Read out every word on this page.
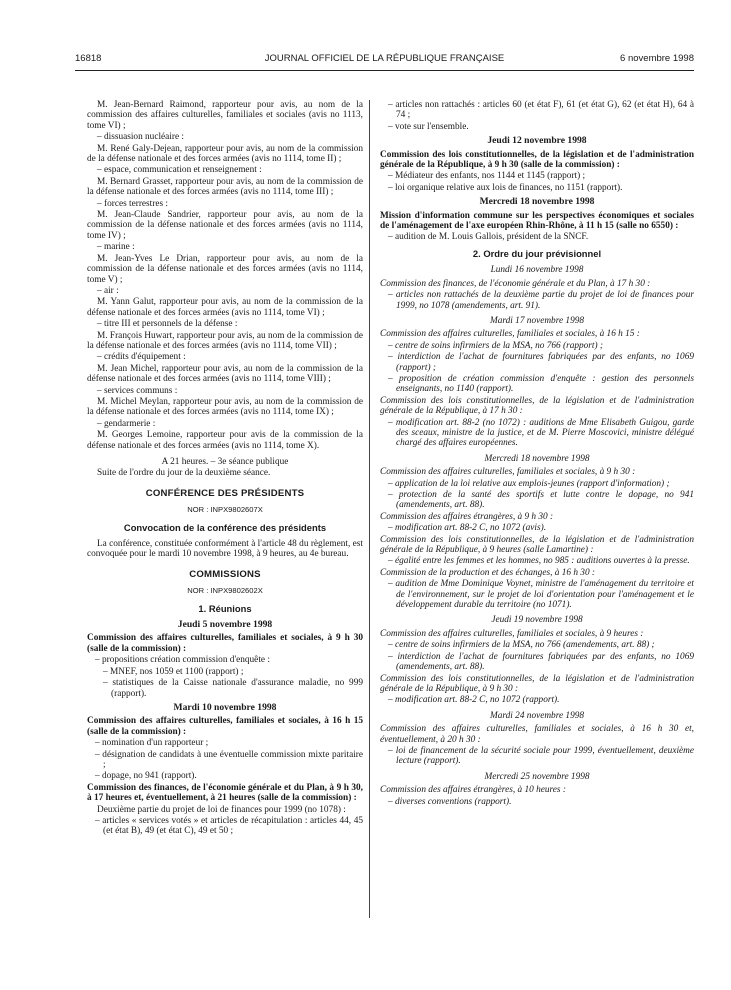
16818	JOURNAL OFFICIEL DE LA RÉPUBLIQUE FRANÇAISE	6 novembre 1998

M. Jean-Bernard Raimond, rapporteur pour avis, au nom de la commission des affaires culturelles, familiales et sociales (avis no 1113, tome VI) ;

– dissuasion nucléaire :

M. René Galy-Dejean, rapporteur pour avis, au nom de la commission de la défense nationale et des forces armées (avis no 1114, tome II) ;

– espace, communication et renseignement :

M. Bernard Grasset, rapporteur pour avis, au nom de la commission de la défense nationale et des forces armées (avis no 1114, tome III) ;

– forces terrestres :

M. Jean-Claude Sandrier, rapporteur pour avis, au nom de la commission de la défense nationale et des forces armées (avis no 1114, tome IV) ;

– marine :

M. Jean-Yves Le Drian, rapporteur pour avis, au nom de la commission de la défense nationale et des forces armées (avis no 1114, tome V) ;

– air :

M. Yann Galut, rapporteur pour avis, au nom de la commission de la défense nationale et des forces armées (avis no 1114, tome VI) ;

– titre III et personnels de la défense :

M. François Huwart, rapporteur pour avis, au nom de la commission de la défense nationale et des forces armées (avis no 1114, tome VII) ;

– crédits d'équipement :

M. Jean Michel, rapporteur pour avis, au nom de la commission de la défense nationale et des forces armées (avis no 1114, tome VIII) ;

– services communs :

M. Michel Meylan, rapporteur pour avis, au nom de la commission de la défense nationale et des forces armées (avis no 1114, tome IX) ;

– gendarmerie :

M. Georges Lemoine, rapporteur pour avis de la commission de la défense nationale et des forces armées (avis no 1114, tome X).

A 21 heures. – 3e séance publique

Suite de l'ordre du jour de la deuxième séance.

CONFÉRENCE DES PRÉSIDENTS
NOR : INPX9802607X
Convocation de la conférence des présidents

La conférence, constituée conformément à l'article 48 du règlement, est convoquée pour le mardi 10 novembre 1998, à 9 heures, au 4e bureau.

COMMISSIONS
NOR : INPX9802602X
1. Réunions

Jeudi 5 novembre 1998

Commission des affaires culturelles, familiales et sociales, à 9 h 30 (salle de la commission) :

– propositions création commission d'enquête :

– MNEF, nos 1059 et 1100 (rapport) ;

– statistiques de la Caisse nationale d'assurance maladie, no 999 (rapport).

Mardi 10 novembre 1998

Commission des affaires culturelles, familiales et sociales, à 16 h 15 (salle de la commission) :

– nomination d'un rapporteur ;

– désignation de candidats à une éventuelle commission mixte paritaire ;

– dopage, no 941 (rapport).

Commission des finances, de l'économie générale et du Plan, à 9 h 30, à 17 heures et, éventuellement, à 21 heures (salle de la commission) :

Deuxième partie du projet de loi de finances pour 1999 (no 1078) :

– articles « services votés » et articles de récapitulation : articles 44, 45 (et état B), 49 (et état C), 49 et 50 ;

– articles non rattachés : articles 60 (et état F), 61 (et état G), 62 (et état H), 64 à 74 ;

– vote sur l'ensemble.

Jeudi 12 novembre 1998

Commission des lois constitutionnelles, de la législation et de l'administration générale de la République, à 9 h 30 (salle de la commission) :

– Médiateur des enfants, nos 1144 et 1145 (rapport) ;

– loi organique relative aux lois de finances, no 1151 (rapport).

Mercredi 18 novembre 1998

Mission d'information commune sur les perspectives économiques et sociales de l'aménagement de l'axe européen Rhin-Rhône, à 11 h 15 (salle no 6550) :

– audition de M. Louis Gallois, président de la SNCF.

2. Ordre du jour prévisionnel

Lundi 16 novembre 1998

Commission des finances, de l'économie générale et du Plan, à 17 h 30 :

– articles non rattachés de la deuxième partie du projet de loi de finances pour 1999, no 1078 (amendements, art. 91).

Mardi 17 novembre 1998

Commission des affaires culturelles, familiales et sociales, à 16 h 15 :

– centre de soins infirmiers de la MSA, no 766 (rapport) ;

– interdiction de l'achat de fournitures fabriquées par des enfants, no 1069 (rapport) ;

– proposition de création commission d'enquête : gestion des personnels enseignants, no 1140 (rapport).

Commission des lois constitutionnelles, de la législation et de l'administration générale de la République, à 17 h 30 :

– modification art. 88-2 (no 1072) : auditions de Mme Elisabeth Guigou, garde des sceaux, ministre de la justice, et de M. Pierre Moscovici, ministre délégué chargé des affaires européennes.

Mercredi 18 novembre 1998

Commission des affaires culturelles, familiales et sociales, à 9 h 30 :

– application de la loi relative aux emplois-jeunes (rapport d'information) ;

– protection de la santé des sportifs et lutte contre le dopage, no 941 (amendements, art. 88).

Commission des affaires étrangères, à 9 h 30 :

– modification art. 88-2 C, no 1072 (avis).

Commission des lois constitutionnelles, de la législation et de l'administration générale de la République, à 9 heures (salle Lamartine) :

– égalité entre les femmes et les hommes, no 985 : auditions ouvertes à la presse.

Commission de la production et des échanges, à 16 h 30 :

– audition de Mme Dominique Voynet, ministre de l'aménagement du territoire et de l'environnement, sur le projet de loi d'orientation pour l'aménagement et le développement durable du territoire (no 1071).

Jeudi 19 novembre 1998

Commission des affaires culturelles, familiales et sociales, à 9 heures :

– centre de soins infirmiers de la MSA, no 766 (amendements, art. 88) ;

– interdiction de l'achat de fournitures fabriquées par des enfants, no 1069 (amendements, art. 88).

Commission des lois constitutionnelles, de la législation et de l'administration générale de la République, à 9 h 30 :

– modification art. 88-2 C, no 1072 (rapport).

Mardi 24 novembre 1998

Commission des affaires culturelles, familiales et sociales, à 16 h 30 et, éventuellement, à 20 h 30 :

– loi de financement de la sécurité sociale pour 1999, éventuellement, deuxième lecture (rapport).

Mercredi 25 novembre 1998

Commission des affaires étrangères, à 10 heures :

– diverses conventions (rapport).
